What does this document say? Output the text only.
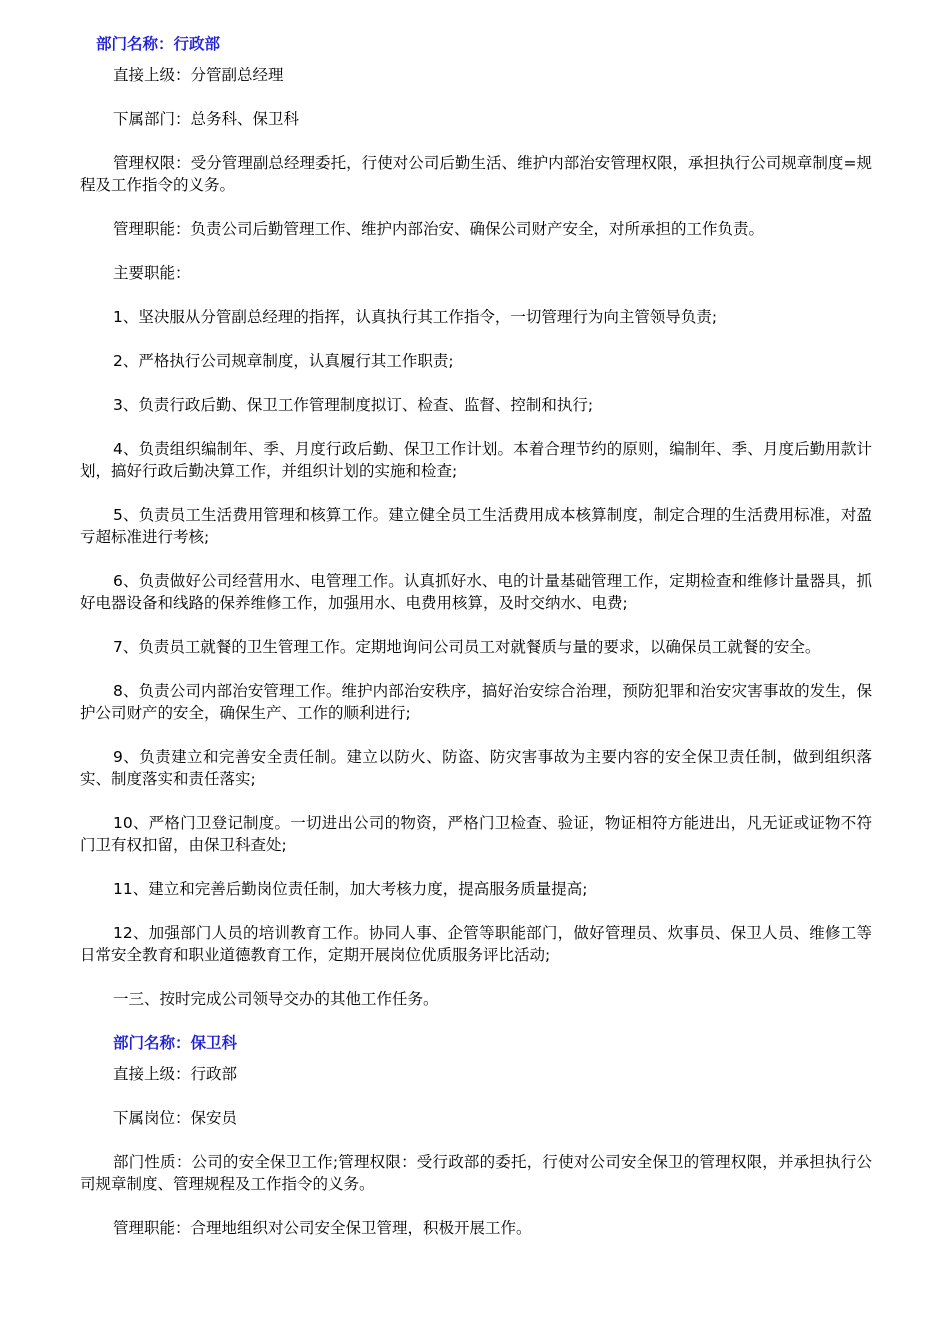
部门名称：行政部
直接上级：分管副总经理
下属部门：总务科、保卫科
管理权限：受分管理副总经理委托，行使对公司后勤生活、维护内部治安管理权限，承担执行公司规章制度=规程及工作指令的义务。
管理职能：负责公司后勤管理工作、维护内部治安、确保公司财产安全，对所承担的工作负责。
主要职能：
1、坚决服从分管副总经理的指挥，认真执行其工作指令，一切管理行为向主管领导负责;
2、严格执行公司规章制度，认真履行其工作职责;
3、负责行政后勤、保卫工作管理制度拟订、检查、监督、控制和执行;
4、负责组织编制年、季、月度行政后勤、保卫工作计划。本着合理节约的原则，编制年、季、月度后勤用款计划，搞好行政后勤决算工作，并组织计划的实施和检查;
5、负责员工生活费用管理和核算工作。建立健全员工生活费用成本核算制度，制定合理的生活费用标准，对盈亏超标准进行考核;
6、负责做好公司经营用水、电管理工作。认真抓好水、电的计量基础管理工作，定期检查和维修计量器具，抓好电器设备和线路的保养维修工作，加强用水、电费用核算，及时交纳水、电费;
7、负责员工就餐的卫生管理工作。定期地询问公司员工对就餐质与量的要求，以确保员工就餐的安全。
8、负责公司内部治安管理工作。维护内部治安秩序，搞好治安综合治理，预防犯罪和治安灾害事故的发生，保护公司财产的安全，确保生产、工作的顺利进行;
9、负责建立和完善安全责任制。建立以防火、防盗、防灾害事故为主要内容的安全保卫责任制，做到组织落实、制度落实和责任落实;
10、严格门卫登记制度。一切进出公司的物资，严格门卫检查、验证，物证相符方能进出，凡无证或证物不符门卫有权扣留，由保卫科查处;
11、建立和完善后勤岗位责任制，加大考核力度，提高服务质量提高;
12、加强部门人员的培训教育工作。协同人事、企管等职能部门，做好管理员、炊事员、保卫人员、维修工等日常安全教育和职业道德教育工作，定期开展岗位优质服务评比活动;
一三、按时完成公司领导交办的其他工作任务。
部门名称：保卫科
直接上级：行政部
下属岗位：保安员
部门性质：公司的安全保卫工作;管理权限：受行政部的委托，行使对公司安全保卫的管理权限，并承担执行公司规章制度、管理规程及工作指令的义务。
管理职能：合理地组织对公司安全保卫管理，积极开展工作。
